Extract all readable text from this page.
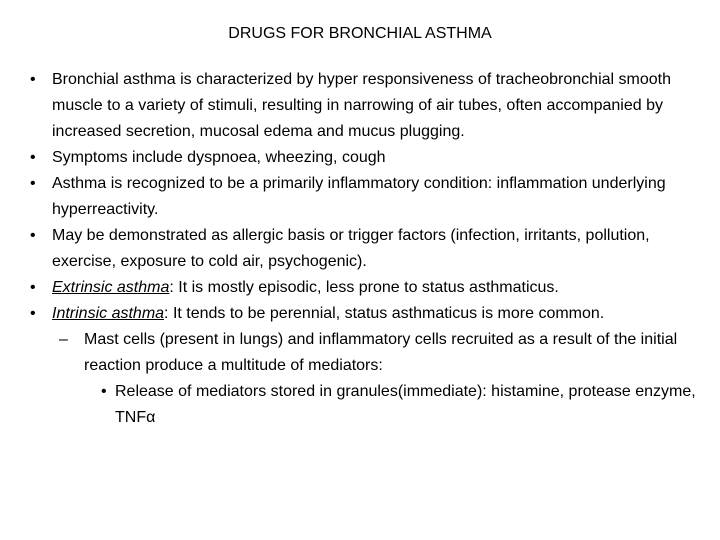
DRUGS FOR BRONCHIAL ASTHMA
• Bronchial asthma is characterized by hyper responsiveness of tracheobronchial smooth muscle to a variety of stimuli, resulting in narrowing of air tubes, often accompanied by increased secretion, mucosal edema and mucus plugging.
• Symptoms include dyspnoea, wheezing, cough
• Asthma is recognized to be a primarily inflammatory condition: inflammation underlying hyperreactivity.
• May be demonstrated as allergic basis or trigger factors (infection, irritants, pollution, exercise, exposure to cold air, psychogenic).
• Extrinsic asthma: It is mostly episodic, less prone to status asthmaticus.
• Intrinsic asthma: It tends to be perennial, status asthmaticus is more common.
– Mast cells (present in lungs) and inflammatory cells recruited as a result of the initial reaction produce a multitude of mediators:
• Release of mediators stored in granules(immediate): histamine, protease enzyme, TNFα
